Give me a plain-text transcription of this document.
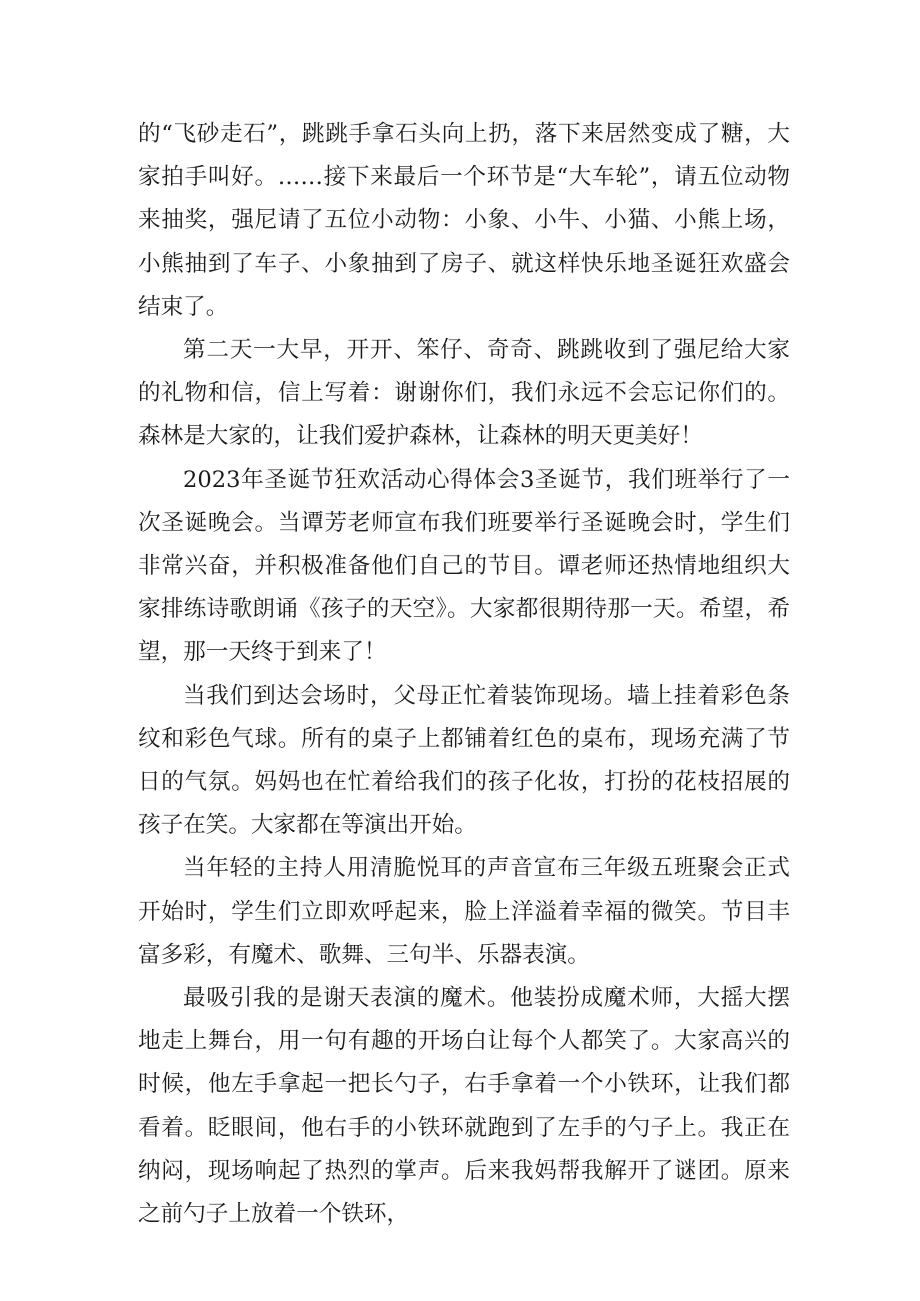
的“飞砂走石”，跳跳手拿石头向上扔，落下来居然变成了糖，大家拍手叫好。……接下来最后一个环节是“大车轮”，请五位动物来抽奖，强尼请了五位小动物：小象、小牛、小猫、小熊上场，小熊抽到了车子、小象抽到了房子、就这样快乐地圣诞狂欢盛会结束了。

第二天一大早，开开、笨仔、奇奇、跳跳收到了强尼给大家的礼物和信，信上写着：谢谢你们，我们永远不会忘记你们的。森林是大家的，让我们爱护森林，让森林的明天更美好！

2023年圣诞节狂欢活动心得体会3圣诞节，我们班举行了一次圣诞晚会。当谭芳老师宣布我们班要举行圣诞晚会时，学生们非常兴奋，并积极准备他们自己的节目。谭老师还热情地组织大家排练诗歌朗诵《孩子的天空》。大家都很期待那一天。希望，希望，那一天终于到来了！

当我们到达会场时，父母正忙着装饰现场。墙上挂着彩色条纹和彩色气球。所有的桌子上都铺着红色的桌布，现场充满了节日的气氛。妈妈也在忙着给我们的孩子化妆，打扮的花枝招展的孩子在笑。大家都在等演出开始。

当年轻的主持人用清脆悦耳的声音宣布三年级五班聚会正式开始时，学生们立即欢呼起来，脸上洋溢着幸福的微笑。节目丰富多彩，有魔术、歌舞、三句半、乐器表演。

最吸引我的是谢天表演的魔术。他装扮成魔术师，大摇大摆地走上舞台，用一句有趣的开场白让每个人都笑了。大家高兴的时候，他左手拿起一把长勺子，右手拿着一个小铁环，让我们都看着。眨眼间，他右手的小铁环就跑到了左手的勺子上。我正在纳闷，现场响起了热烈的掌声。后来我妈帮我解开了谜团。原来之前勺子上放着一个铁环，
